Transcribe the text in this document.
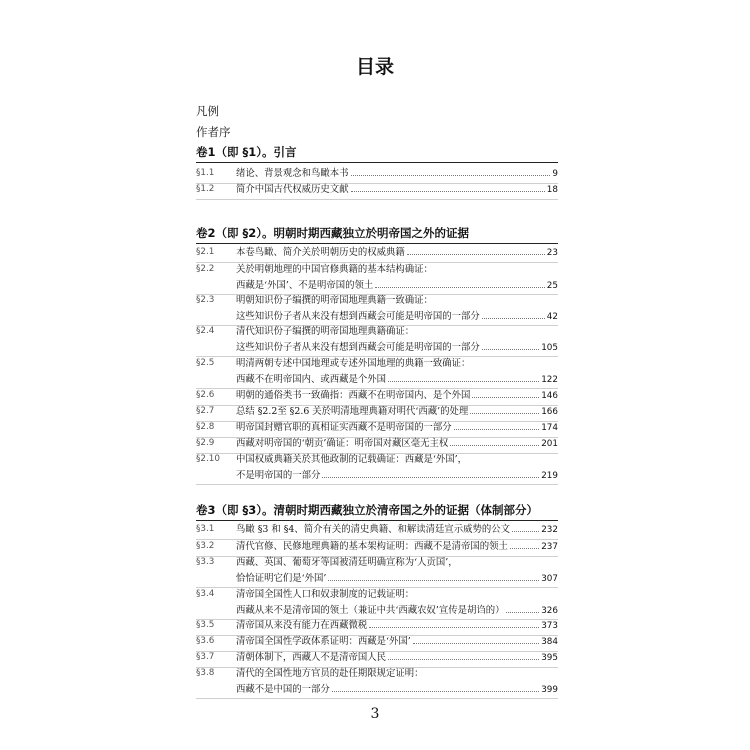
目录
凡例
作者序
卷1（即 §1）。引言
§1.1 绪论、背景观念和鸟瞰本书	9
§1.2 简介中国古代权威历史文献	18
卷2（即 §2）。明朝时期西藏独立於明帝国之外的证据
§2.1 本卷鸟瞰、简介关於明朝历史的权威典籍	23
§2.2 关於明朝地理的中国官修典籍的基本结构确证：
西藏是‘外国’、不是明帝国的领土	25
§2.3 明朝知识份子编撰的明帝国地理典籍一致确证：
这些知识份子者从来没有想到西藏会可能是明帝国的一部分	42
§2.4 清代知识份子编撰的明帝国地理典籍确证：
这些知识份子者从来没有想到西藏会可能是明帝国的一部分	105
§2.5 明清两朝专述中国地理或专述外国地理的典籍一致确证：
西藏不在明帝国内、或西藏是个外国	122
§2.6 明朝的通俗类书一致确指：西藏不在明帝国内、是个外国	146
§2.7 总结 §2.2至 §2.6 关於明清地理典籍对明代‘西藏’的处理	166
§2.8 明帝国封赠官职的真相证实西藏不是明帝国的一部分	174
§2.9 西藏对明帝国的‘朝贡’确证：明帝国对藏区毫无主权	201
§2.10 中国权威典籍关於其他政制的记载确证：西藏是‘外国’，
不是明帝国的一部分	219
卷3（即 §3）。清朝时期西藏独立於清帝国之外的证据（体制部分）
§3.1 鸟瞰 §3 和 §4、简介有关的清史典籍、和解读清廷宣示威势的公文	232
§3.2 清代官修、民修地理典籍的基本架构证明：西藏不是清帝国的领土	237
§3.3 西藏、英国、葡萄牙等国被清廷明确宣称为‘人贡国’，
恰恰证明它们是‘外国’	307
§3.4 清帝国全国性人口和奴隶制度的记载证明：
西藏从来不是清帝国的领土（兼证中共‘西藏农奴’宣传是胡诌的）	326
§3.5 清帝国从来没有能力在西藏微税	373
§3.6 清帝国全国性学政体系证明：西藏是‘外国’	384
§3.7 清朝体制下，西藏人不是清帝国人民	395
§3.8 清代的全国性地方官员的赴任期限规定证明：
西藏不是中国的一部分	399
3
